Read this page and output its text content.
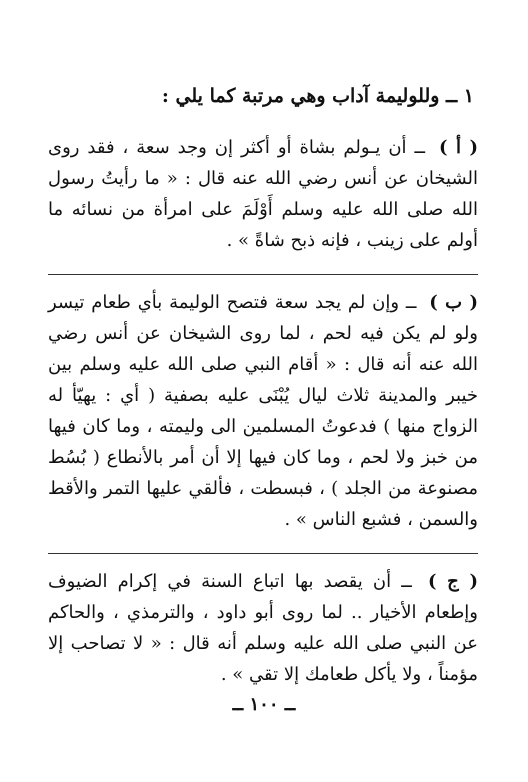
١ ــ وللوليمة آداب وهي مرتبة كما يلي :

( أ ) ــ أن يـولم بشاة أو أكثر إن وجد سعة ، فقد روى الشيخان عن أنس رضي الله عنه قال : « ما رأيتُ رسول الله صلى الله عليه وسلم أَوْلَمَ على امرأة من نسائه ما أولم على زينب ، فإنه ذبح شاةً » .

( ب ) ــ وإن لم يجد سعة فتصح الوليمة بأي طعام تيسر ولو لم يكن فيه لحم ، لما روى الشيخان عن أنس رضي الله عنه أنه قال : « أقام النبي صلى الله عليه وسلم بين خيبر والمدينة ثلاث ليال يُبْنَى عليه بصفية ( أي : يهيّأ له الزواج منها ) فدعوتُ المسلمين الى وليمته ، وما كان فيها من خبز ولا لحم ، وما كان فيها إلا أن أمر بالأنطاع ( بُسُط مصنوعة من الجلد ) ، فبسطت ، فألقي عليها التمر والأقط والسمن ، فشبع الناس » .

( ج ) ــ أن يقصد بها اتباع السنة في إكرام الضيوف وإطعام الأخيار .. لما روى أبو داود ، والترمذي ، والحاكم عن النبي صلى الله عليه وسلم أنه قال : « لا تصاحب إلا مؤمناً ، ولا يأكل طعامك إلا تقي » .

ــ ١٠٠ ــ
